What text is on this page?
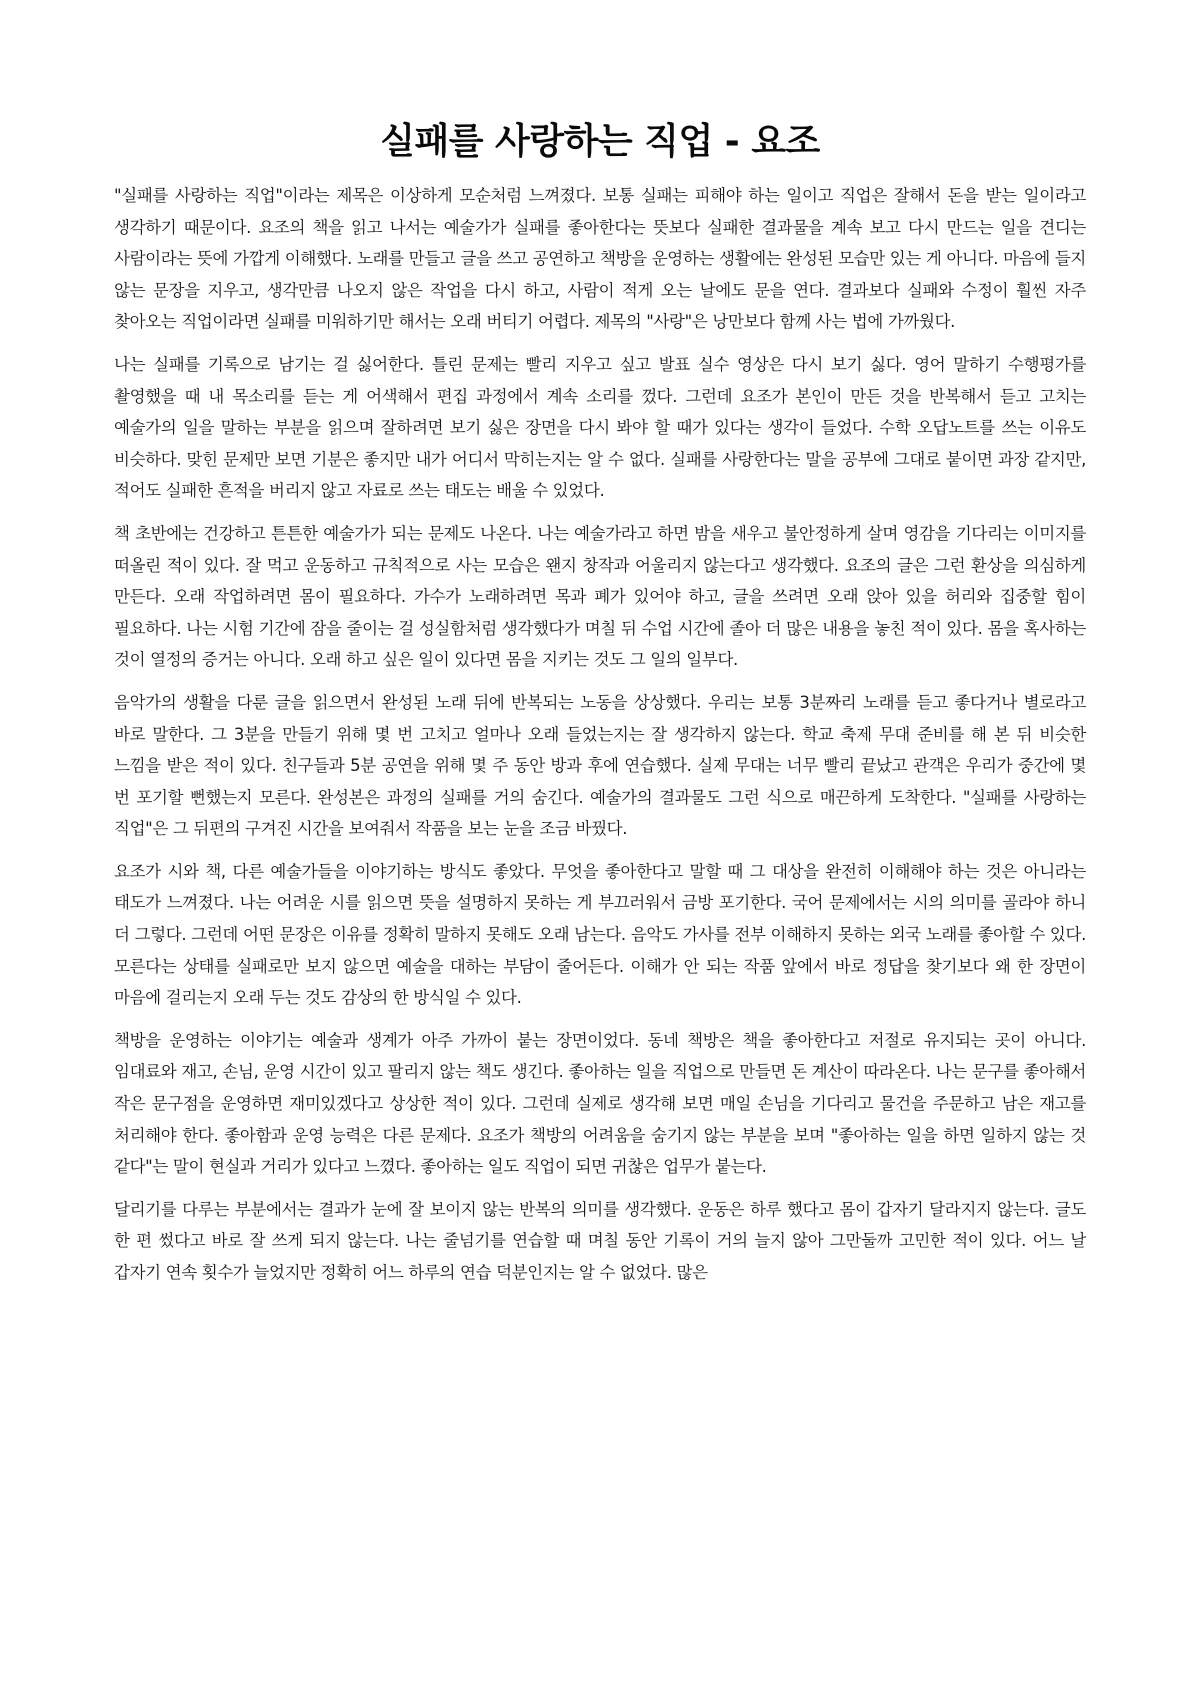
실패를 사랑하는 직업 - 요조

"실패를 사랑하는 직업"이라는 제목은 이상하게 모순처럼 느껴졌다. 보통 실패는 피해야 하는 일이고 직업은 잘해서 돈을 받는 일이라고 생각하기 때문이다. 요조의 책을 읽고 나서는 예술가가 실패를 좋아한다는 뜻보다 실패한 결과물을 계속 보고 다시 만드는 일을 견디는 사람이라는 뜻에 가깝게 이해했다. 노래를 만들고 글을 쓰고 공연하고 책방을 운영하는 생활에는 완성된 모습만 있는 게 아니다. 마음에 들지 않는 문장을 지우고, 생각만큼 나오지 않은 작업을 다시 하고, 사람이 적게 오는 날에도 문을 연다. 결과보다 실패와 수정이 훨씬 자주 찾아오는 직업이라면 실패를 미워하기만 해서는 오래 버티기 어렵다. 제목의 "사랑"은 낭만보다 함께 사는 법에 가까웠다.

나는 실패를 기록으로 남기는 걸 싫어한다. 틀린 문제는 빨리 지우고 싶고 발표 실수 영상은 다시 보기 싫다. 영어 말하기 수행평가를 촬영했을 때 내 목소리를 듣는 게 어색해서 편집 과정에서 계속 소리를 껐다. 그런데 요조가 본인이 만든 것을 반복해서 듣고 고치는 예술가의 일을 말하는 부분을 읽으며 잘하려면 보기 싫은 장면을 다시 봐야 할 때가 있다는 생각이 들었다. 수학 오답노트를 쓰는 이유도 비슷하다. 맞힌 문제만 보면 기분은 좋지만 내가 어디서 막히는지는 알 수 없다. 실패를 사랑한다는 말을 공부에 그대로 붙이면 과장 같지만, 적어도 실패한 흔적을 버리지 않고 자료로 쓰는 태도는 배울 수 있었다.

책 초반에는 건강하고 튼튼한 예술가가 되는 문제도 나온다. 나는 예술가라고 하면 밤을 새우고 불안정하게 살며 영감을 기다리는 이미지를 떠올린 적이 있다. 잘 먹고 운동하고 규칙적으로 사는 모습은 왠지 창작과 어울리지 않는다고 생각했다. 요조의 글은 그런 환상을 의심하게 만든다. 오래 작업하려면 몸이 필요하다. 가수가 노래하려면 목과 폐가 있어야 하고, 글을 쓰려면 오래 앉아 있을 허리와 집중할 힘이 필요하다. 나는 시험 기간에 잠을 줄이는 걸 성실함처럼 생각했다가 며칠 뒤 수업 시간에 졸아 더 많은 내용을 놓친 적이 있다. 몸을 혹사하는 것이 열정의 증거는 아니다. 오래 하고 싶은 일이 있다면 몸을 지키는 것도 그 일의 일부다.

음악가의 생활을 다룬 글을 읽으면서 완성된 노래 뒤에 반복되는 노동을 상상했다. 우리는 보통 3분짜리 노래를 듣고 좋다거나 별로라고 바로 말한다. 그 3분을 만들기 위해 몇 번 고치고 얼마나 오래 들었는지는 잘 생각하지 않는다. 학교 축제 무대 준비를 해 본 뒤 비슷한 느낌을 받은 적이 있다. 친구들과 5분 공연을 위해 몇 주 동안 방과 후에 연습했다. 실제 무대는 너무 빨리 끝났고 관객은 우리가 중간에 몇 번 포기할 뻔했는지 모른다. 완성본은 과정의 실패를 거의 숨긴다. 예술가의 결과물도 그런 식으로 매끈하게 도착한다. "실패를 사랑하는 직업"은 그 뒤편의 구겨진 시간을 보여줘서 작품을 보는 눈을 조금 바꿨다.

요조가 시와 책, 다른 예술가들을 이야기하는 방식도 좋았다. 무엇을 좋아한다고 말할 때 그 대상을 완전히 이해해야 하는 것은 아니라는 태도가 느껴졌다. 나는 어려운 시를 읽으면 뜻을 설명하지 못하는 게 부끄러워서 금방 포기한다. 국어 문제에서는 시의 의미를 골라야 하니 더 그렇다. 그런데 어떤 문장은 이유를 정확히 말하지 못해도 오래 남는다. 음악도 가사를 전부 이해하지 못하는 외국 노래를 좋아할 수 있다. 모른다는 상태를 실패로만 보지 않으면 예술을 대하는 부담이 줄어든다. 이해가 안 되는 작품 앞에서 바로 정답을 찾기보다 왜 한 장면이 마음에 걸리는지 오래 두는 것도 감상의 한 방식일 수 있다.

책방을 운영하는 이야기는 예술과 생계가 아주 가까이 붙는 장면이었다. 동네 책방은 책을 좋아한다고 저절로 유지되는 곳이 아니다. 임대료와 재고, 손님, 운영 시간이 있고 팔리지 않는 책도 생긴다. 좋아하는 일을 직업으로 만들면 돈 계산이 따라온다. 나는 문구를 좋아해서 작은 문구점을 운영하면 재미있겠다고 상상한 적이 있다. 그런데 실제로 생각해 보면 매일 손님을 기다리고 물건을 주문하고 남은 재고를 처리해야 한다. 좋아함과 운영 능력은 다른 문제다. 요조가 책방의 어려움을 숨기지 않는 부분을 보며 "좋아하는 일을 하면 일하지 않는 것 같다"는 말이 현실과 거리가 있다고 느꼈다. 좋아하는 일도 직업이 되면 귀찮은 업무가 붙는다.

달리기를 다루는 부분에서는 결과가 눈에 잘 보이지 않는 반복의 의미를 생각했다. 운동은 하루 했다고 몸이 갑자기 달라지지 않는다. 글도 한 편 썼다고 바로 잘 쓰게 되지 않는다. 나는 줄넘기를 연습할 때 며칠 동안 기록이 거의 늘지 않아 그만둘까 고민한 적이 있다. 어느 날 갑자기 연속 횟수가 늘었지만 정확히 어느 하루의 연습 덕분인지는 알 수 없었다. 많은
